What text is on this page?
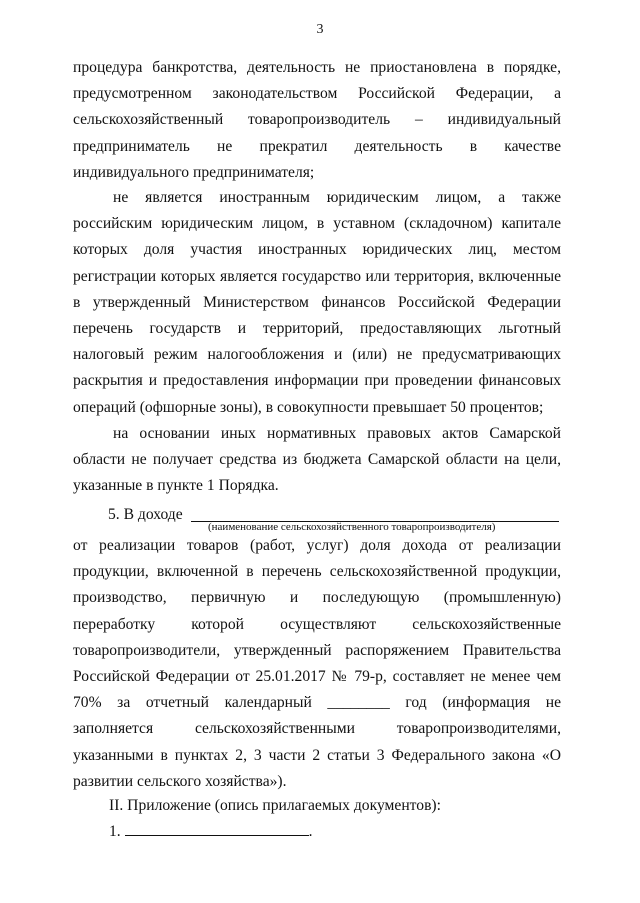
3

процедура банкротства, деятельность не приостановлена в порядке, предусмотренном законодательством Российской Федерации, а сельскохозяйственный товаропроизводитель – индивидуальный предприниматель не прекратил деятельность в качестве индивидуального предпринимателя;

не является иностранным юридическим лицом, а также российским юридическим лицом, в уставном (складочном) капитале которых доля участия иностранных юридических лиц, местом регистрации которых является государство или территория, включенные в утвержденный Министерством финансов Российской Федерации перечень государств и территорий, предоставляющих льготный налоговый режим налогообложения и (или) не предусматривающих раскрытия и предоставления информации при проведении финансовых операций (офшорные зоны), в совокупности превышает 50 процентов;

на основании иных нормативных правовых актов Самарской области не получает средства из бюджета Самарской области на цели, указанные в пункте 1 Порядка.

5. В доходе
(наименование сельскохозяйственного товаропроизводителя)

от реализации товаров (работ, услуг) доля дохода от реализации продукции, включенной в перечень сельскохозяйственной продукции, производство, первичную и последующую (промышленную) переработку которой осуществляют сельскохозяйственные товаропроизводители, утвержденный распоряжением Правительства Российской Федерации от 25.01.2017 № 79-р, составляет не менее чем 70% за отчетный календарный ________ год (информация не заполняется сельскохозяйственными товаропроизводителями, указанными в пунктах 2, 3 части 2 статьи 3 Федерального закона «О развитии сельского хозяйства»).

II. Приложение (опись прилагаемых документов):
1.	.
